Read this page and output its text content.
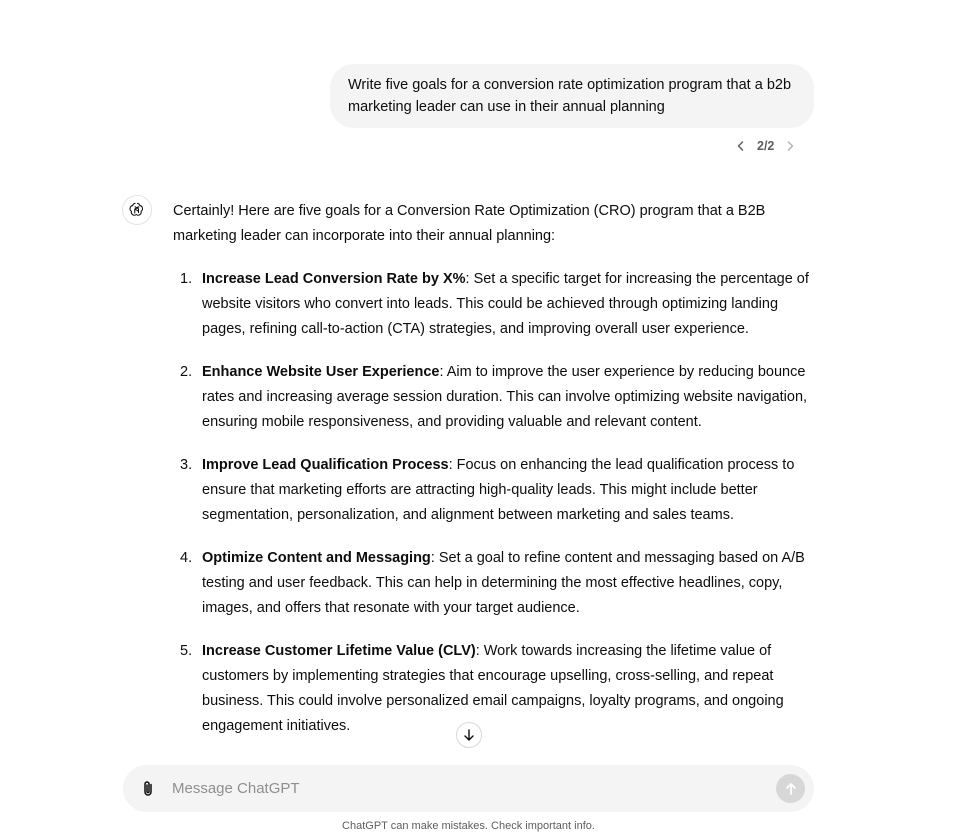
Write five goals for a conversion rate optimization program that a b2b marketing leader can use in their annual planning
2/2

Certainly! Here are five goals for a Conversion Rate Optimization (CRO) program that a B2B marketing leader can incorporate into their annual planning:

1. Increase Lead Conversion Rate by X%: Set a specific target for increasing the percentage of website visitors who convert into leads. This could be achieved through optimizing landing pages, refining call-to-action (CTA) strategies, and improving overall user experience.
2. Enhance Website User Experience: Aim to improve the user experience by reducing bounce rates and increasing average session duration. This can involve optimizing website navigation, ensuring mobile responsiveness, and providing valuable and relevant content.
3. Improve Lead Qualification Process: Focus on enhancing the lead qualification process to ensure that marketing efforts are attracting high-quality leads. This might include better segmentation, personalization, and alignment between marketing and sales teams.
4. Optimize Content and Messaging: Set a goal to refine content and messaging based on A/B testing and user feedback. This can help in determining the most effective headlines, copy, images, and offers that resonate with your target audience.
5. Increase Customer Lifetime Value (CLV): Work towards increasing the lifetime value of customers by implementing strategies that encourage upselling, cross-selling, and repeat business. This could involve personalized email campaigns, loyalty programs, and ongoing engagement initiatives.
Message ChatGPT
ChatGPT can make mistakes. Check important info.
